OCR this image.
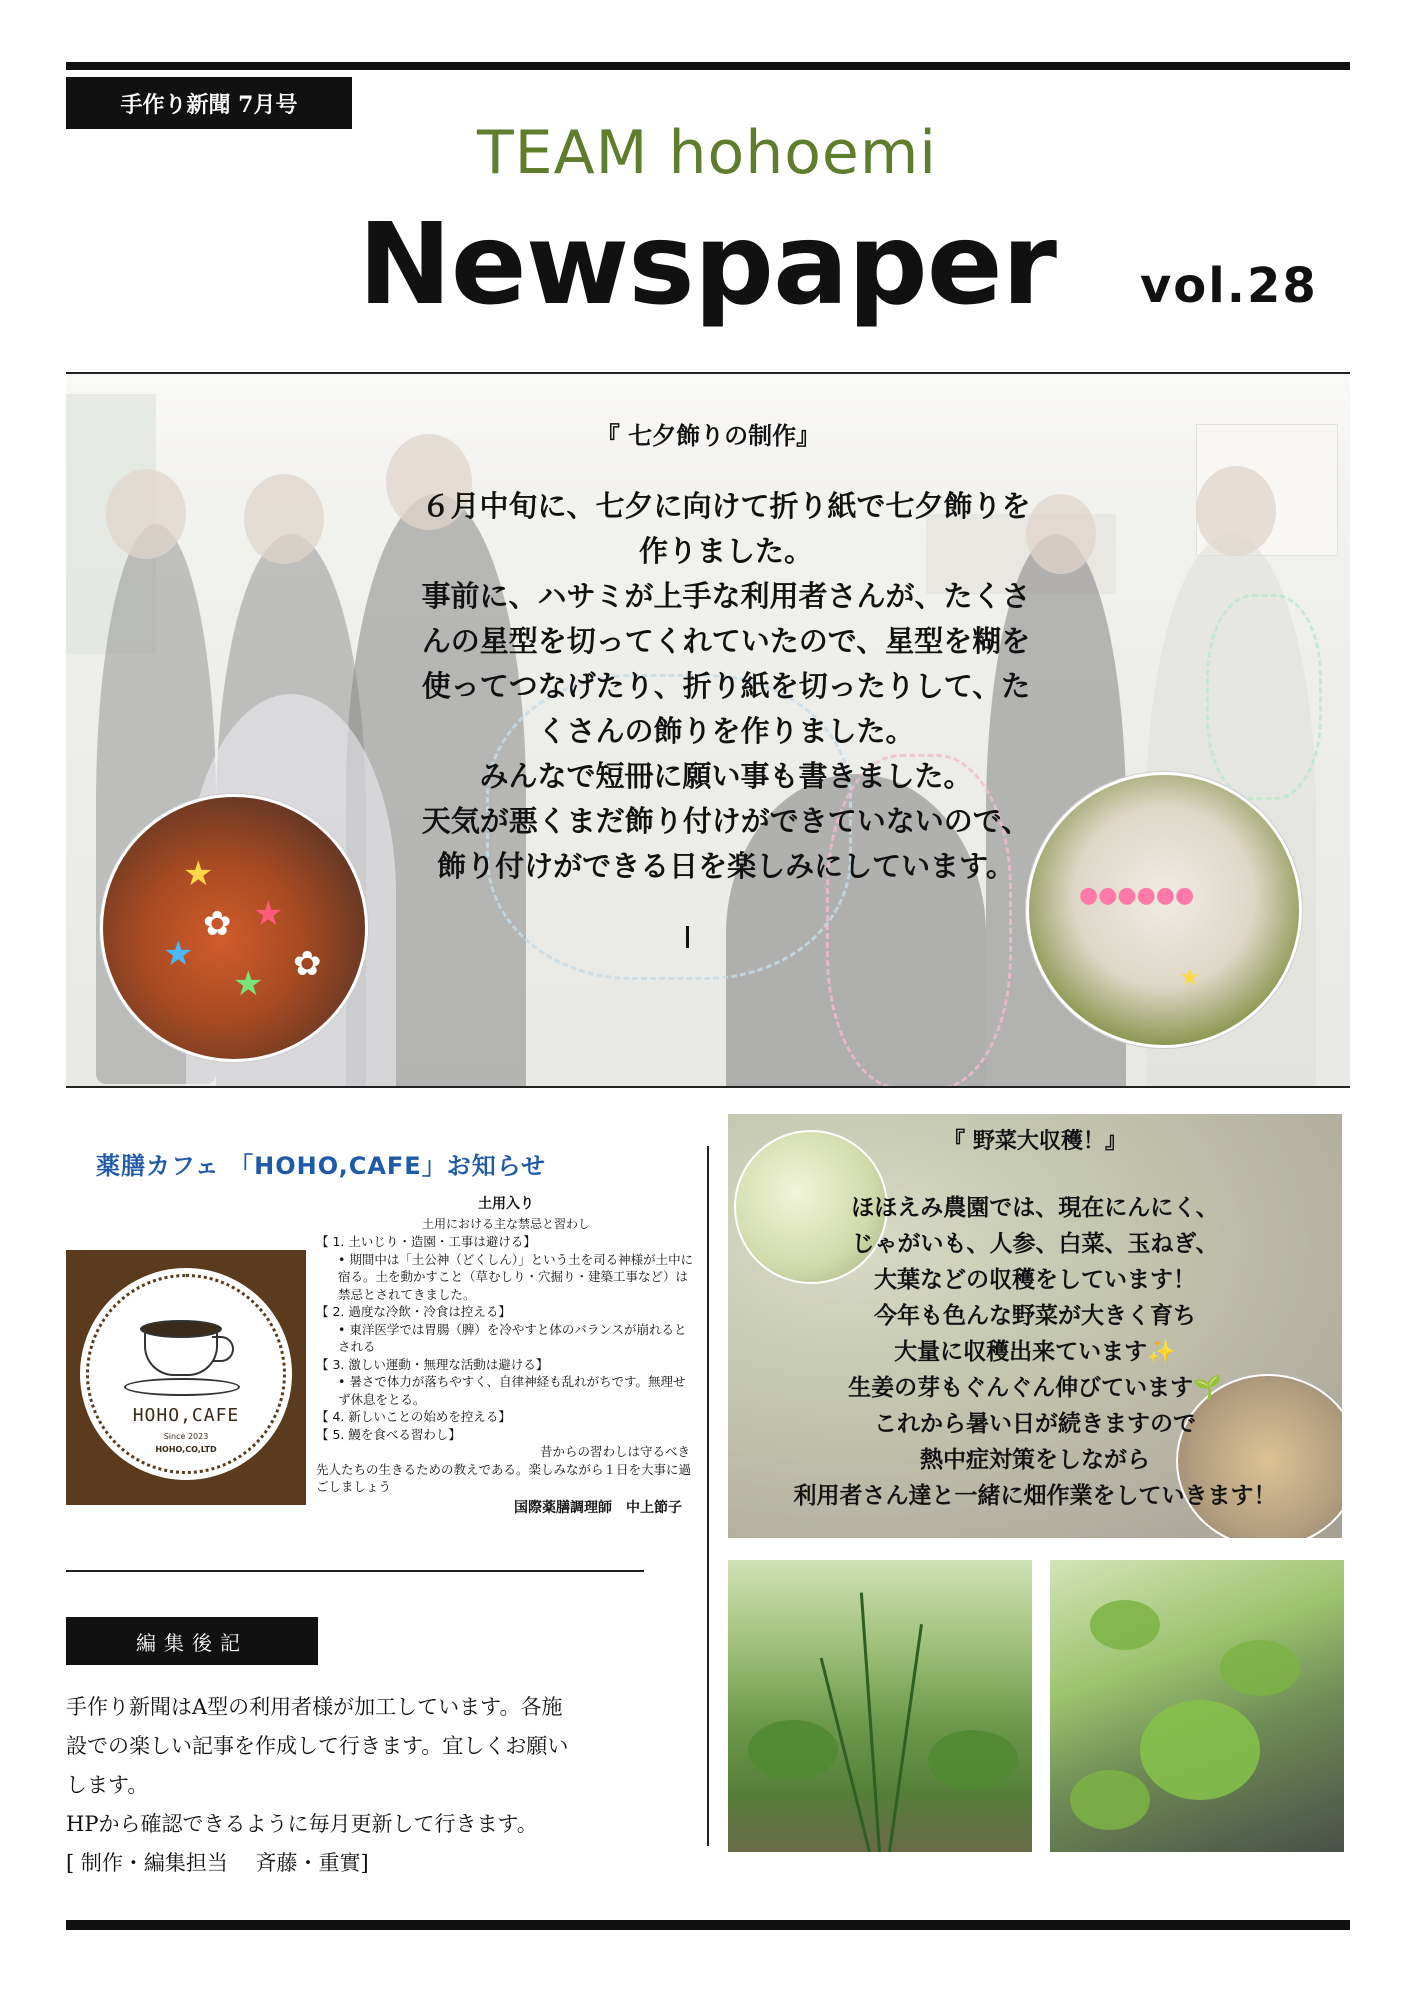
手作り新聞 7月号
TEAM hohoemi
Newspaper	vol.28
★
★
★
★ ✿
✿
●●●●●●
★
『 七夕飾りの制作』
６月中旬に、七夕に向けて折り紙で七夕飾りを
作りました。
事前に、ハサミが上手な利用者さんが、たくさ
んの星型を切ってくれていたので、星型を糊を
使ってつなげたり、折り紙を切ったりして、た
くさんの飾りを作りました。
みんなで短冊に願い事も書きました。
天気が悪くまだ飾り付けができていないので、
飾り付けができる日を楽しみにしています。
薬膳カフェ 「HOHO,CAFE」お知らせ
HOHO,CAFE
Since 2023
HOHO,CO,LTD
土用入り
土用における主な禁忌と習わし
【 1. 土いじり・造園・工事は避ける】
• 期間中は「土公神（どくしん）」という土を司る神様が土中に宿る。土を動かすこと（草むしり・穴掘り・建築工事など）は禁忌とされてきました。
【 2. 過度な冷飲・冷食は控える】
• 東洋医学では胃腸（脾）を冷やすと体のバランスが崩れるとされる
【 3. 激しい運動・無理な活動は避ける】
• 暑さで体力が落ちやすく、自律神経も乱れがちです。無理せず休息をとる。
【 4. 新しいことの始めを控える】
【 5. 鰻を食べる習わし】
昔からの習わしは守るべき
先人たちの生きるための教えである。楽しみながら１日を大事に過ごしましょう
国際薬膳調理師　中上節子
編集後記
手作り新聞はA型の利用者様が加工しています。各施
設での楽しい記事を作成して行きます。宜しくお願い
します。
HPから確認できるように毎月更新して行きます。
[ 制作・編集担当　 斉藤・重實]
『 野菜大収穫！』
ほほえみ農園では、現在にんにく、
じゃがいも、人参、白菜、玉ねぎ、
大葉などの収穫をしています！
今年も色んな野菜が大きく育ち
大量に収穫出来ています✨
生姜の芽もぐんぐん伸びています🌱
これから暑い日が続きますので
熱中症対策をしながら
利用者さん達と一緒に畑作業をしていきます！
